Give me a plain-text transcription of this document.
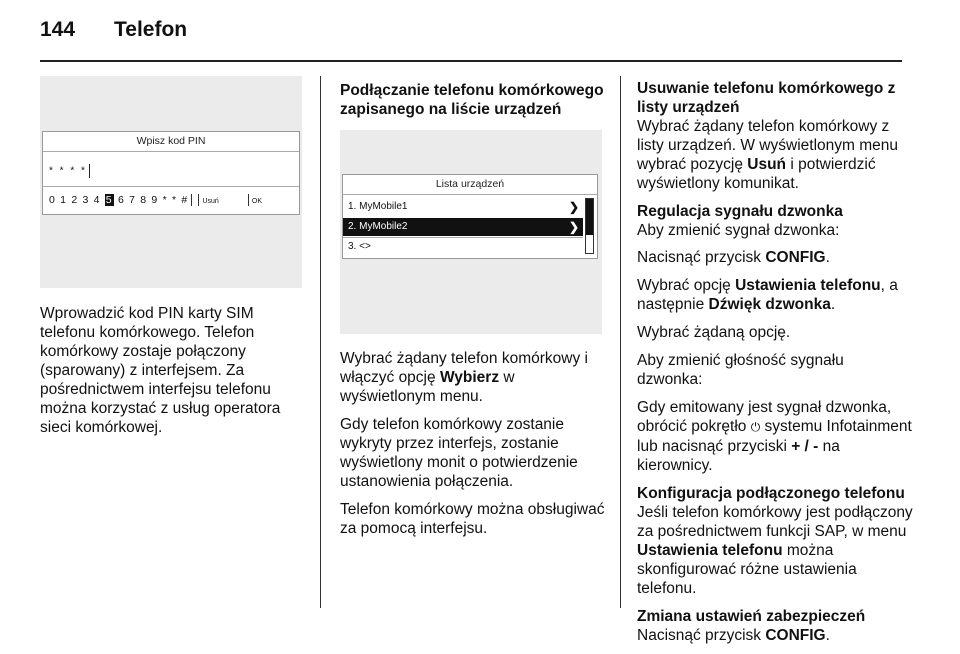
144 Telefon
Wpisz kod PIN
* * * *
0 1 2 3 4 5 6 7 8 9 * * # Usuń	OK

Wprowadzić kod PIN karty SIM telefonu komórkowego. Telefon komórkowy zostaje połączony (sparowany) z interfejsem. Za pośrednictwem interfejsu telefonu można korzystać z usług operatora sieci komórkowej.

Podłączanie telefonu komórkowego zapisanego na liście urządzeń

Lista urządzeń
1. MyMobile1	❯
2. MyMobile2	❯
3. <>

Wybrać żądany telefon komórkowy i włączyć opcję Wybierz w wyświetlonym menu.

Gdy telefon komórkowy zostanie wykryty przez interfejs, zostanie wyświetlony monit o potwierdzenie ustanowienia połączenia.

Telefon komórkowy można obsługiwać za pomocą interfejsu.

Usuwanie telefonu komórkowego z listy urządzeń
Wybrać żądany telefon komórkowy z listy urządzeń. W wyświetlonym menu wybrać pozycję Usuń i potwierdzić wyświetlony komunikat.

Regulacja sygnału dzwonka
Aby zmienić sygnał dzwonka:

Nacisnąć przycisk CONFIG.

Wybrać opcję Ustawienia telefonu, a następnie Dźwięk dzwonka.

Wybrać żądaną opcję.

Aby zmienić głośność sygnału dzwonka:

Gdy emitowany jest sygnał dzwonka, obrócić pokrętło ⏻ systemu Infotainment lub nacisnąć przyciski + / - na kierownicy.

Konfiguracja podłączonego telefonu
Jeśli telefon komórkowy jest podłączony za pośrednictwem funkcji SAP, w menu Ustawienia telefonu można skonfigurować różne ustawienia telefonu.

Zmiana ustawień zabezpieczeń
Nacisnąć przycisk CONFIG.
